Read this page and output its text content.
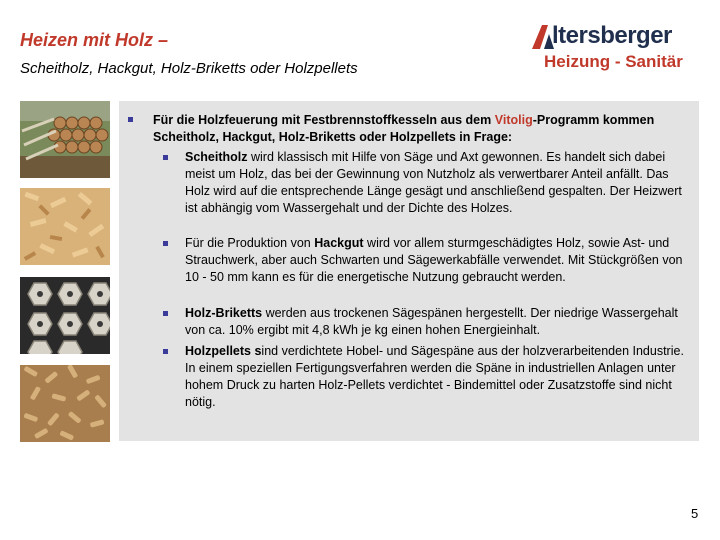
Heizen mit Holz –
Scheitholz, Hackgut, Holz-Briketts oder Holzpellets
ltersberger
Heizung - Sanitär
Für die Holzfeuerung mit Festbrennstoffkesseln aus dem Vitolig-Programm kommen Scheitholz, Hackgut, Holz-Briketts oder Holzpellets in Frage:
Scheitholz wird klassisch mit Hilfe von Säge und Axt gewonnen. Es handelt sich dabei meist um Holz, das bei der Gewinnung von Nutzholz als verwertbarer Anteil anfällt. Das Holz wird auf die entsprechende Länge gesägt und anschließend gespalten. Der Heizwert ist abhängig vom Wassergehalt und der Dichte des Holzes.
Für die Produktion von Hackgut wird vor allem sturmgeschädigtes Holz, sowie Ast- und Strauchwerk, aber auch Schwarten und Sägewerkabfälle verwendet. Mit Stückgrößen von 10 - 50 mm kann es für die energetische Nutzung gebraucht werden.
Holz-Briketts werden aus trockenen Sägespänen hergestellt. Der niedrige Wassergehalt von ca. 10% ergibt mit 4,8 kWh je kg einen hohen Energieinhalt.
Holzpellets sind verdichtete Hobel- und Sägespäne aus der holzverarbeitenden Industrie. In einem speziellen Fertigungsverfahren werden die Späne in industriellen Anlagen unter hohem Druck zu harten Holz-Pellets verdichtet - Bindemittel oder Zusatzstoffe sind nicht nötig.
5
